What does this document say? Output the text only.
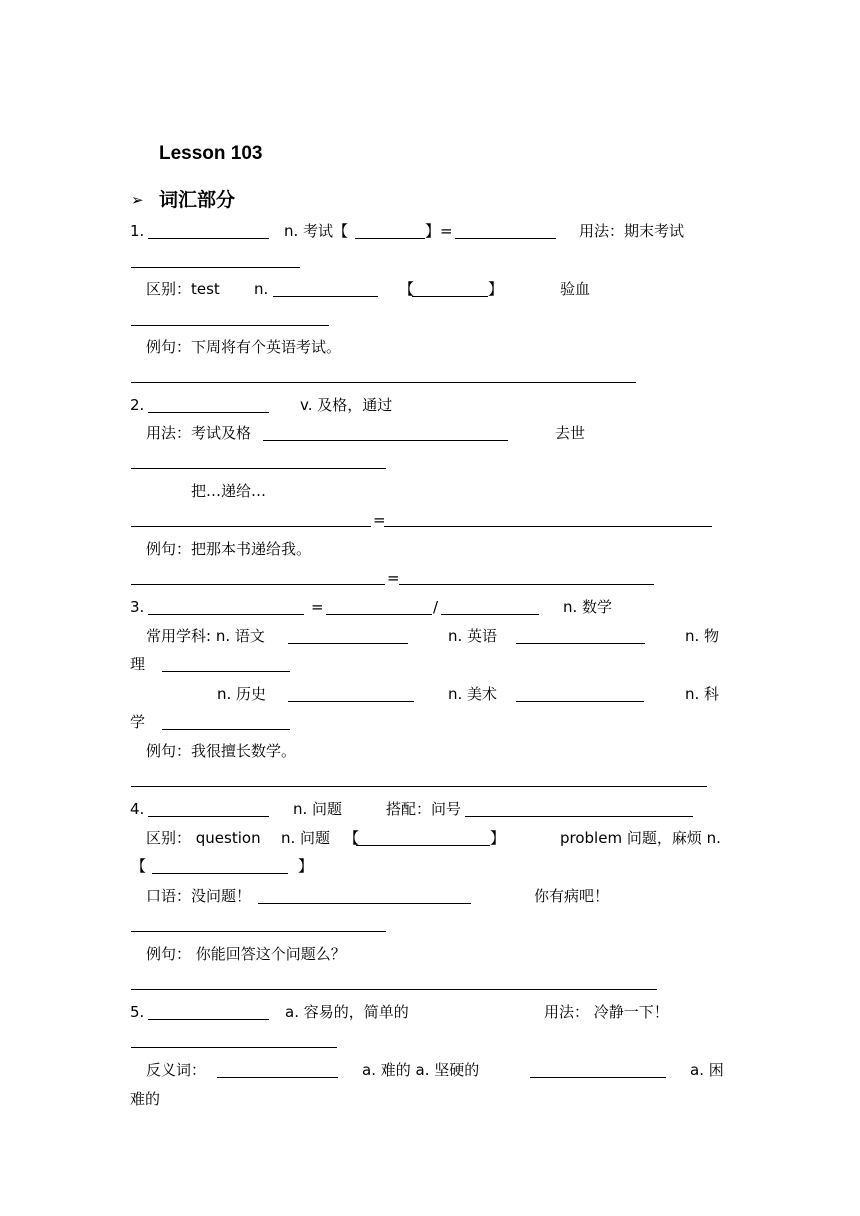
Lesson 103
➢ 词汇部分
1.	n. 考试【	】=	用法：期末考试
区别：test n.	【	】	验血
例句：下周将有个英语考试。
2.	v. 及格，通过
用法：考试及格	去世
把…递给…
=
例句：把那本书递给我。
=
3.	=	/	n. 数学
常用学科: n. 语文	n. 英语	n. 物
理
n. 历史	n. 美术	n. 科
学
例句：我很擅长数学。
4.	n. 问题	搭配：问号
区别： question n. 问题 【	】	problem 问题，麻烦 n.
【	】
口语：没问题！	你有病吧！
例句： 你能回答这个问题么？
5.	a. 容易的，简单的	用法： 冷静一下！
反义词：	a. 难的 a. 坚硬的	a. 困
难的
